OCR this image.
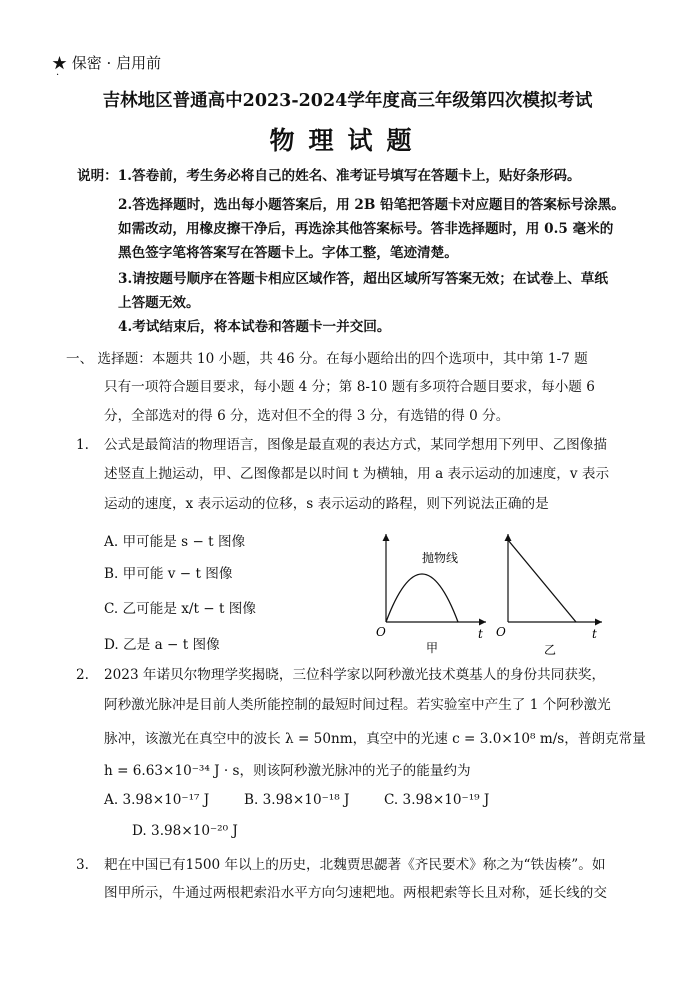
★ 保密 · 启用前
·
吉林地区普通高中2023-2024学年度高三年级第四次模拟考试
物理试题
说明：1.答卷前，考生务必将自己的姓名、准考证号填写在答题卡上，贴好条形码。
2.答选择题时，选出每小题答案后，用 2B 铅笔把答题卡对应题目的答案标号涂黑。
如需改动，用橡皮擦干净后，再选涂其他答案标号。答非选择题时，用 0.5 毫米的
黑色签字笔将答案写在答题卡上。字体工整，笔迹清楚。
3.请按题号顺序在答题卡相应区域作答，超出区域所写答案无效；在试卷上、草纸
上答题无效。
4.考试结束后，将本试卷和答题卡一并交回。
一、 选择题：本题共 10 小题，共 46 分。在每小题给出的四个选项中，其中第 1-7 题
只有一项符合题目要求，每小题 4 分；第 8-10 题有多项符合题目要求，每小题 6
分，全部选对的得 6 分，选对但不全的得 3 分，有选错的得 0 分。
1. 公式是最简洁的物理语言，图像是最直观的表达方式，某同学想用下列甲、乙图像描
述竖直上抛运动，甲、乙图像都是以时间 t 为横轴，用 a 表示运动的加速度，v 表示
运动的速度，x 表示运动的位移，s 表示运动的路程，则下列说法正确的是
A. 甲可能是 s − t 图像
B. 甲可能 v − t 图像
C. 乙可能是 x/t − t 图像
D. 乙是 a − t 图像
抛物线
O	t
甲
O	t
乙
2. 2023 年诺贝尔物理学奖揭晓，三位科学家以阿秒激光技术奠基人的身份共同获奖，
阿秒激光脉冲是目前人类所能控制的最短时间过程。若实验室中产生了 1 个阿秒激光
脉冲，该激光在真空中的波长 λ = 50nm，真空中的光速 c = 3.0×10⁸ m/s，普朗克常量
h = 6.63×10⁻³⁴ J · s，则该阿秒激光脉冲的光子的能量约为
A. 3.98×10⁻¹⁷ J	B. 3.98×10⁻¹⁸ J	C. 3.98×10⁻¹⁹ J
D. 3.98×10⁻²⁰ J
3. 耙在中国已有1500 年以上的历史，北魏贾思勰著《齐民要术》称之为“铁齿楱”。如
图甲所示，牛通过两根耙索沿水平方向匀速耙地。两根耙索等长且对称，延长线的交
